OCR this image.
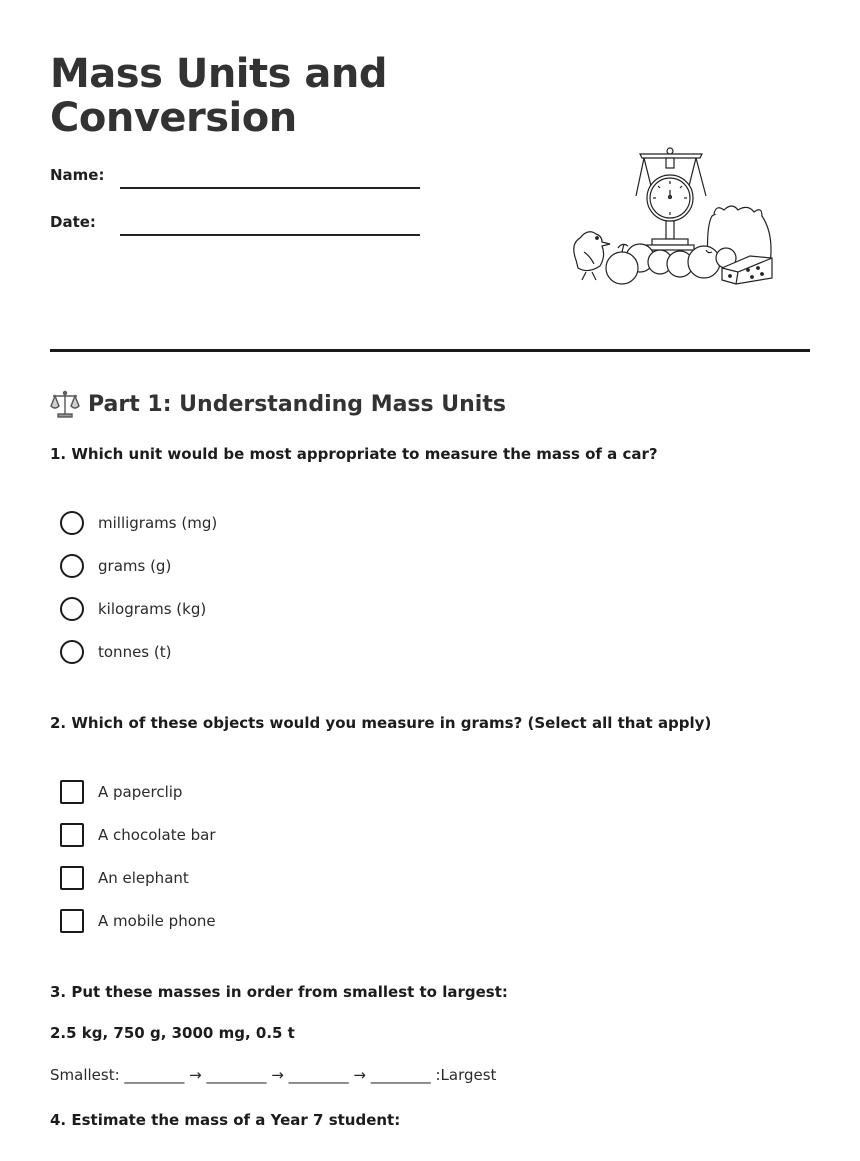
Mass Units and Conversion
Name:
Date:
Part 1: Understanding Mass Units
1. Which unit would be most appropriate to measure the mass of a car?
milligrams (mg)
grams (g)
kilograms (kg)
tonnes (t)
2. Which of these objects would you measure in grams? (Select all that apply)
A paperclip
A chocolate bar
An elephant
A mobile phone
3. Put these masses in order from smallest to largest:
2.5 kg, 750 g, 3000 mg, 0.5 t
Smallest: ________ → ________ → ________ → ________ :Largest
4. Estimate the mass of a Year 7 student:
